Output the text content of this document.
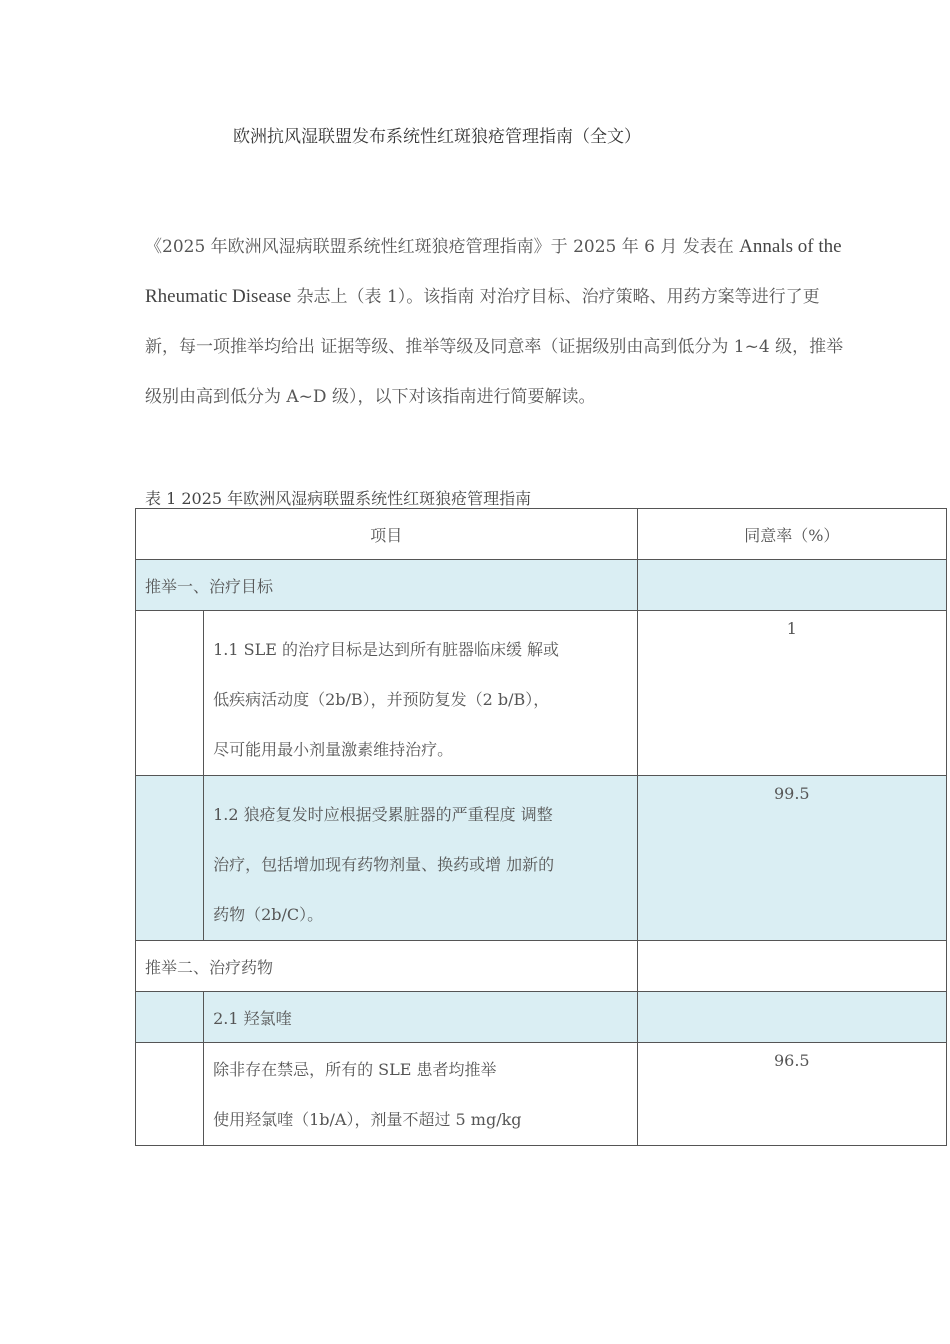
欧洲抗风湿联盟发布系统性红斑狼疮管理指南（全文）

《2025 年欧洲风湿病联盟系统性红斑狼疮管理指南》于 2025 年 6 月 发表在 Annals of the

Rheumatic Disease 杂志上（表 1）。该指南 对治疗目标、治疗策略、用药方案等进行了更

新，每一项推举均给出 证据等级、推举等级及同意率（证据级别由高到低分为 1~4 级，推举

级别由高到低分为 A~D 级），以下对该指南进行简要解读。

表 1 2025 年欧洲风湿病联盟系统性红斑狼疮管理指南
项目		同意率（%）
推举一、治疗目标		

	1.1 SLE 的治疗目标是达到所有脏器临床缓 解或

低疾病活动度（2b/B），并预防复发（2 b/B），

尽可能用最小剂量激素维持治疗。	1

	1.2 狼疮复发时应根据受累脏器的严重程度 调整

治疗，包括增加现有药物剂量、换药或增 加新的

药物（2b/C）。	99.5
推举二、治疗药物		
	2.1 羟氯喹	

	除非存在禁忌，所有的 SLE 患者均推举

使用羟氯喹（1b/A），剂量不超过 5 mg/kg	96.5
